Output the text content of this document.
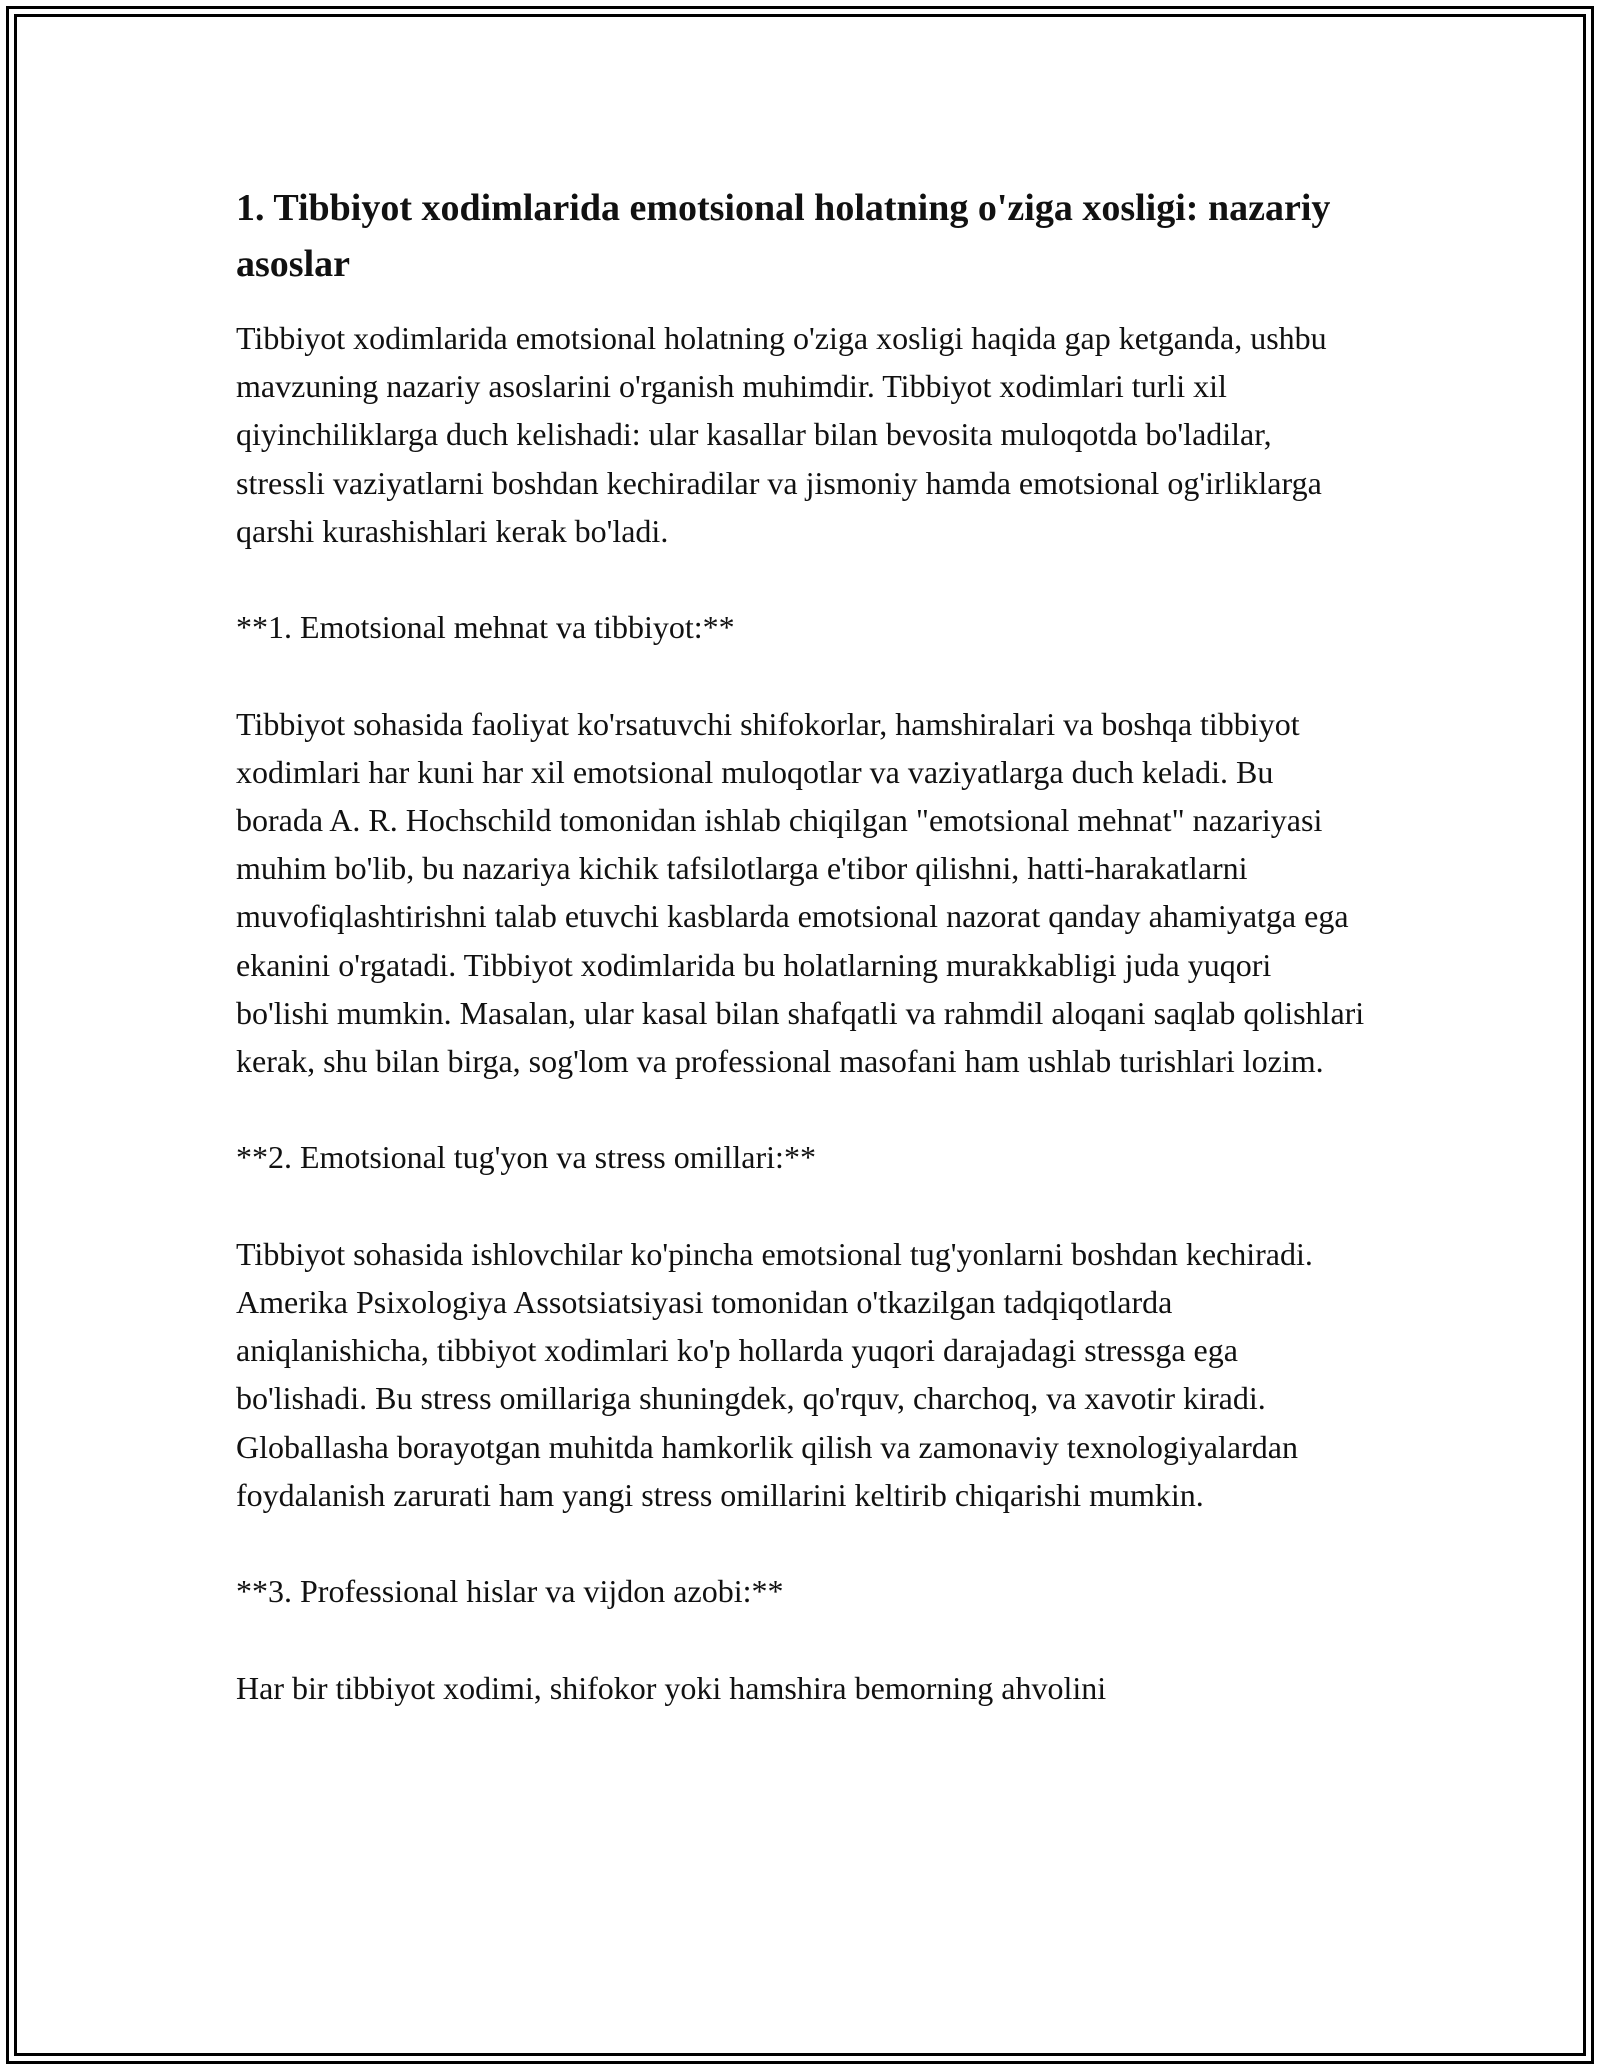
1. Tibbiyot xodimlarida emotsional holatning o'ziga xosligi: nazariy asoslar

Tibbiyot xodimlarida emotsional holatning o'ziga xosligi haqida gap ketganda, ushbu mavzuning nazariy asoslarini o'rganish muhimdir. Tibbiyot xodimlari turli xil qiyinchiliklarga duch kelishadi: ular kasallar bilan bevosita muloqotda bo'ladilar, stressli vaziyatlarni boshdan kechiradilar va jismoniy hamda emotsional og'irliklarga qarshi kurashishlari kerak bo'ladi.

**1. Emotsional mehnat va tibbiyot:**

Tibbiyot sohasida faoliyat ko'rsatuvchi shifokorlar, hamshiralari va boshqa tibbiyot xodimlari har kuni har xil emotsional muloqotlar va vaziyatlarga duch keladi. Bu borada A. R. Hochschild tomonidan ishlab chiqilgan "emotsional mehnat" nazariyasi muhim bo'lib, bu nazariya kichik tafsilotlarga e'tibor qilishni, hatti-harakatlarni muvofiqlashtirishni talab etuvchi kasblarda emotsional nazorat qanday ahamiyatga ega ekanini o'rgatadi. Tibbiyot xodimlarida bu holatlarning murakkabligi juda yuqori bo'lishi mumkin. Masalan, ular kasal bilan shafqatli va rahmdil aloqani saqlab qolishlari kerak, shu bilan birga, sog'lom va professional masofani ham ushlab turishlari lozim.

**2. Emotsional tug'yon va stress omillari:**

Tibbiyot sohasida ishlovchilar ko'pincha emotsional tug'yonlarni boshdan kechiradi. Amerika Psixologiya Assotsiatsiyasi tomonidan o'tkazilgan tadqiqotlarda aniqlanishicha, tibbiyot xodimlari ko'p hollarda yuqori darajadagi stressga ega bo'lishadi. Bu stress omillariga shuningdek, qo'rquv, charchoq, va xavotir kiradi. Globallasha borayotgan muhitda hamkorlik qilish va zamonaviy texnologiyalardan foydalanish zarurati ham yangi stress omillarini keltirib chiqarishi mumkin.

**3. Professional hislar va vijdon azobi:**

Har bir tibbiyot xodimi, shifokor yoki hamshira bemorning ahvolini
